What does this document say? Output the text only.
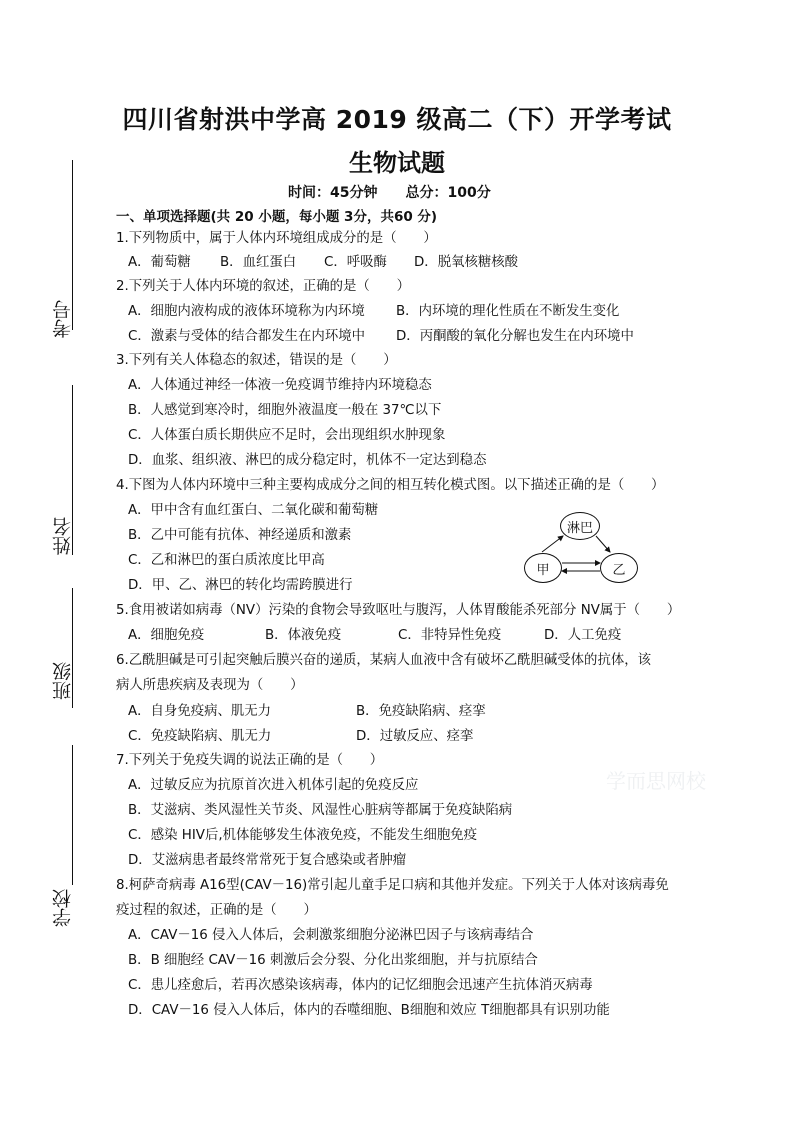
考号
姓名
班级
学校
四川省射洪中学高 2019 级高二（下）开学考试
生物试题
时间：45分钟 总分：100分
一、单项选择题(共 20 小题，每小题 3分，共60 分)
1.下列物质中，属于人体内环境组成成分的是（　　）
A．葡萄糖 B．血红蛋白 C．呼吸酶 D．脱氧核糖核酸
2.下列关于人体内环境的叙述，正确的是（　　）
A．细胞内液构成的液体环境称为内环境 B．内环境的理化性质在不断发生变化
C．激素与受体的结合都发生在内环境中 D．丙酮酸的氧化分解也发生在内环境中
3.下列有关人体稳态的叙述，错误的是（　　）
A．人体通过神经一体液一免疫调节维持内环境稳态
B．人感觉到寒冷时，细胞外液温度一般在 37℃以下
C．人体蛋白质长期供应不足时，会出现组织水肿现象
D．血浆、组织液、淋巴的成分稳定时，机体不一定达到稳态
4.下图为人体内环境中三种主要构成成分之间的相互转化模式图。以下描述正确的是（　　）
A．甲中含有血红蛋白、二氧化碳和葡萄糖
B．乙中可能有抗体、神经递质和激素
C．乙和淋巴的蛋白质浓度比甲高
D．甲、乙、淋巴的转化均需跨膜进行
淋巴
甲	乙
5.食用被诺如病毒（NV）污染的食物会导致呕吐与腹泻，人体胃酸能杀死部分 NV属于（　　）
A．细胞免疫	B．体液免疫	C．非特异性免疫	D．人工免疫
6.乙酰胆碱是可引起突触后膜兴奋的递质，某病人血液中含有破坏乙酰胆碱受体的抗体，该
病人所患疾病及表现为（　　）
A．自身免疫病、肌无力	B．免疫缺陷病、痉挛
C．免疫缺陷病、肌无力	D．过敏反应、痉挛
7.下列关于免疫失调的说法正确的是（　　）
A．过敏反应为抗原首次进入机体引起的免疫反应
B．艾滋病、类风湿性关节炎、风湿性心脏病等都属于免疫缺陷病
C．感染 HIV后,机体能够发生体液免疫，不能发生细胞免疫
D．艾滋病患者最终常常死于复合感染或者肿瘤
学而思网校
8.柯萨奇病毒 A16型(CAV－16)常引起儿童手足口病和其他并发症。下列关于人体对该病毒免
疫过程的叙述，正确的是（　　）
A．CAV－16 侵入人体后，会刺激浆细胞分泌淋巴因子与该病毒结合
B．B 细胞经 CAV－16 刺激后会分裂、分化出浆细胞，并与抗原结合
C．患儿痊愈后，若再次感染该病毒，体内的记忆细胞会迅速产生抗体消灭病毒
D．CAV－16 侵入人体后，体内的吞噬细胞、B细胞和效应 T细胞都具有识别功能
